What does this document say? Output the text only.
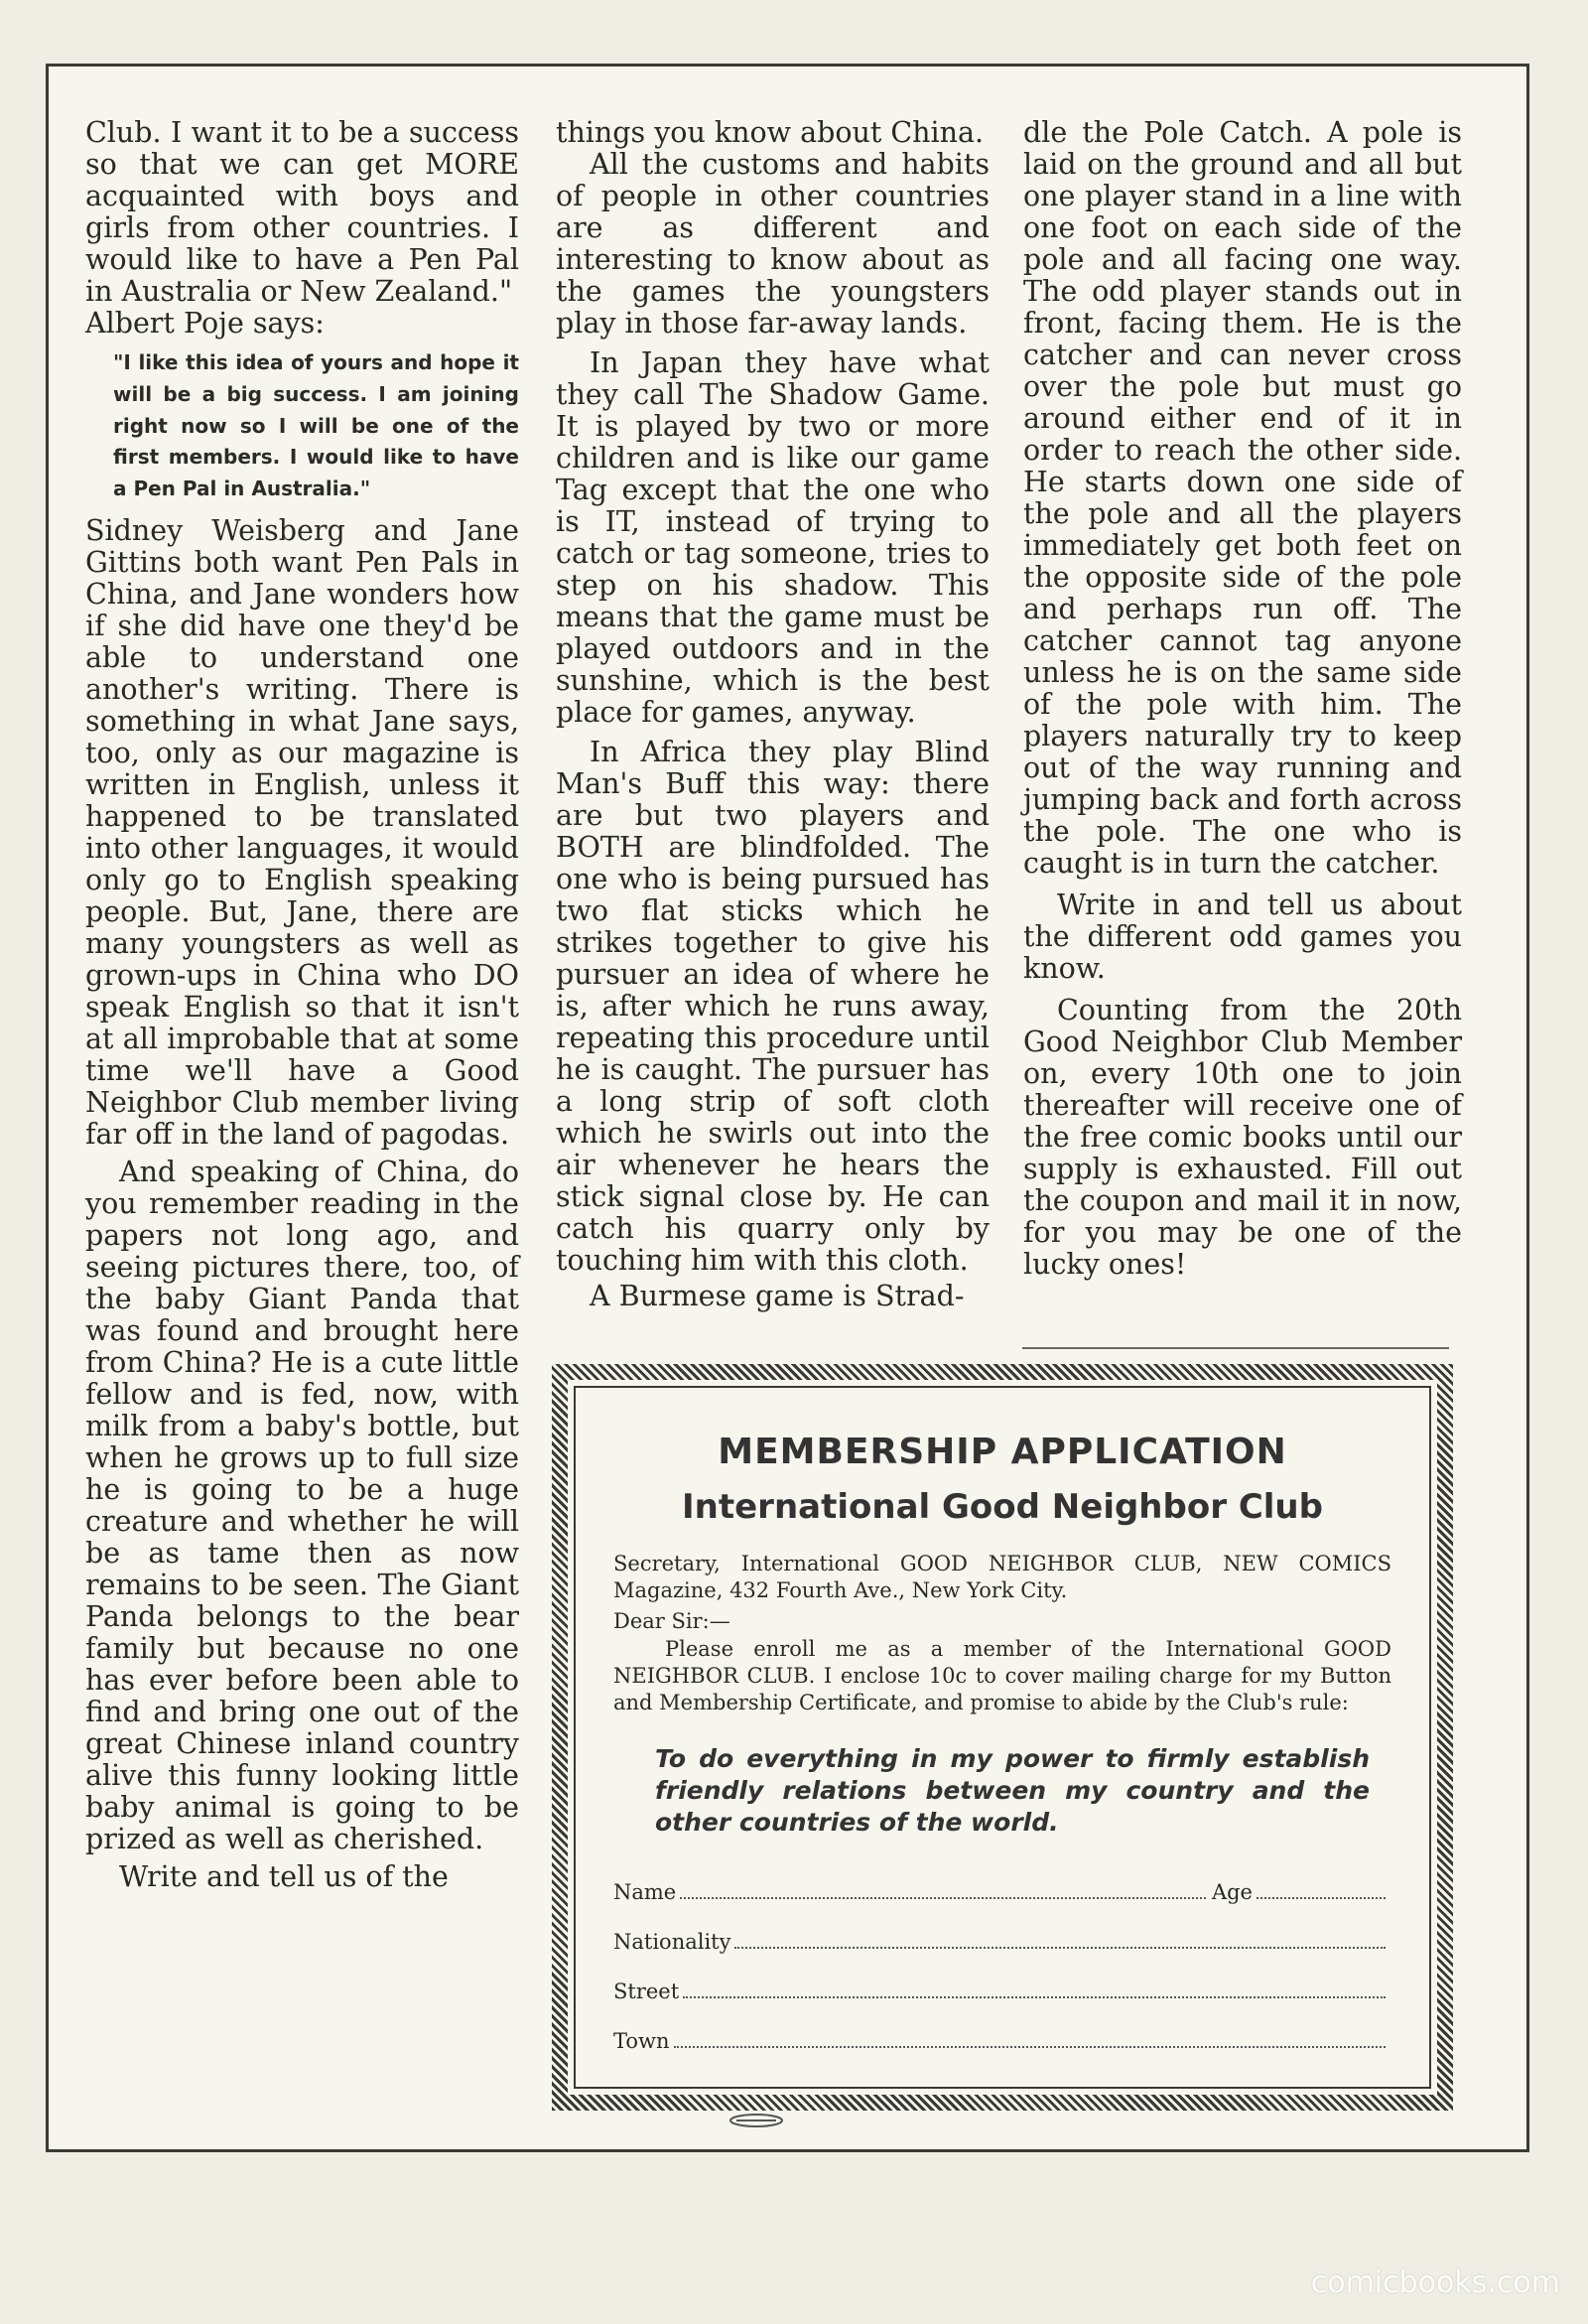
Club. I want it to be a success so that we can get MORE acquainted with boys and girls from other countries. I would like to have a Pen Pal in Australia or New Zealand."

Albert Poje says:

"I like this idea of yours and hope it will be a big success. I am joining right now so I will be one of the first members. I would like to have a Pen Pal in Australia."

Sidney Weisberg and Jane Gittins both want Pen Pals in China, and Jane wonders how if she did have one they'd be able to understand one another's writing. There is something in what Jane says, too, only as our magazine is written in English, unless it happened to be translated into other languages, it would only go to English speaking people. But, Jane, there are many youngsters as well as grown-ups in China who DO speak English so that it isn't at all improbable that at some time we'll have a Good Neighbor Club member living far off in the land of pagodas.

And speaking of China, do you remember reading in the papers not long ago, and seeing pictures there, too, of the baby Giant Panda that was found and brought here from China? He is a cute little fellow and is fed, now, with milk from a baby's bottle, but when he grows up to full size he is going to be a huge creature and whether he will be as tame then as now remains to be seen. The Giant Panda belongs to the bear family but because no one has ever before been able to find and bring one out of the great Chinese inland country alive this funny looking little baby animal is going to be prized as well as cherished.

Write and tell us of the

things you know about China.

All the customs and habits of people in other countries are as different and interesting to know about as the games the youngsters play in those far-away lands.

In Japan they have what they call The Shadow Game. It is played by two or more children and is like our game Tag except that the one who is IT, instead of trying to catch or tag someone, tries to step on his shadow. This means that the game must be played outdoors and in the sunshine, which is the best place for games, anyway.

In Africa they play Blind Man's Buff this way: there are but two players and BOTH are blindfolded. The one who is being pursued has two flat sticks which he strikes together to give his pursuer an idea of where he is, after which he runs away, repeating this procedure until he is caught. The pursuer has a long strip of soft cloth which he swirls out into the air whenever he hears the stick signal close by. He can catch his quarry only by touching him with this cloth.

A Burmese game is Strad-

dle the Pole Catch. A pole is laid on the ground and all but one player stand in a line with one foot on each side of the pole and all facing one way. The odd player stands out in front, facing them. He is the catcher and can never cross over the pole but must go around either end of it in order to reach the other side. He starts down one side of the pole and all the players immediately get both feet on the opposite side of the pole and perhaps run off. The catcher cannot tag anyone unless he is on the same side of the pole with him. The players naturally try to keep out of the way running and jumping back and forth across the pole. The one who is caught is in turn the catcher.

Write in and tell us about the different odd games you know.

Counting from the 20th Good Neighbor Club Member on, every 10th one to join thereafter will receive one of the free comic books until our supply is exhausted. Fill out the coupon and mail it in now, for you may be one of the lucky ones!

MEMBERSHIP APPLICATION
International Good Neighbor Club
Secretary, International GOOD NEIGHBOR CLUB, NEW COMICS Magazine, 432 Fourth Ave., New York City.
Dear Sir:—
Please enroll me as a member of the International GOOD NEIGHBOR CLUB. I enclose 10c to cover mailing charge for my Button and Membership Certificate, and promise to abide by the Club's rule:
To do everything in my power to firmly establish friendly relations between my country and the other countries of the world.
Name	Age
Nationality
Street
Town
comicbooks.com
